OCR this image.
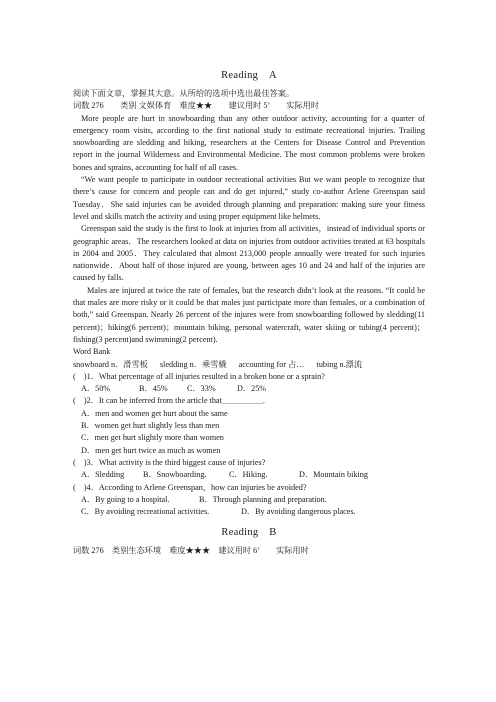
Reading　A
阅读下面文章，掌握其大意。从所给的选项中选出最佳答案。
词数 276　　类别 文娱体育　难度★★　　建议用时 5’　　实际用时
More people are hurt in snowboarding than any other outdoor activity, accounting for a quarter of emergency room visits, according to the first national study to estimate recreational injuries. Trailing snowboarding are sledding and hiking, researchers at the Centers for Disease Control and Prevention report in the journal Wilderness and Environmental Medicine. The most common problems were broken bones and sprains, accounting for half of all cases.
“We want people to participate in outdoor recreational activities But we want people to recognize that there’s cause for concern and people can and do get injured,” study co-author Arlene Greenspan said Tuesday．She said injuries can be avoided through planning and preparation: making sure your fitness level and skills match the activity and using proper equipment like helmets.
Greenspan said the study is the first to look at injuries from all activities，instead of individual sports or geographic areas．The researchers looked at data on injuries from outdoor activities treated at 63 hospitals in 2004 and 2005．They calculated that almost 213,000 people annually were treated for such injuries nationwide．About half of those injured are young, between ages 10 and 24 and half of the injuries are caused by falls.
Males are injured at twice the rate of females, but the research didn’t look at the reasons. “It could be that males are more risky or it could be that males just participate more than females, or a combination of both,” said Greenspan. Nearly 26 percent of the injures were from snowboarding followed by sledding(11 percent)；hiking(6 percent)；mountain biking, personal watercraft, water skiing or tubing(4 percent)；fishing(3 percent)and swimming(2 percent).
Word Bank
snowboard n．滑雪板 sledding n．乘雪橇 accounting for 占… tubing n.漂流
(　)1．What percentage of all injuries resulted in a broken bone or a sprain?
A．50%	B．45% C．33%	D．25%
(　)2．It can be inferred from the article that＿＿＿＿＿.
A．men and women get hurt about the same
B．women get hurt slightly less than men
C．men get hurt slightly more than women
D．men get hurt twice as much as women
(　)3．What activity is the third biggest cause of injuries?
A．Sledding B．Snowboarding． C．Hiking．	D．Mountain biking
(　)4．According to Arlene Greenspan，how can injuries be avoided?
A．By going to a hospital.	B．Through planning and preparation.
C．By avoiding recreational activities.	D．By avoiding dangerous places.
Reading　B
词数 276　类别生态环境　难度★★★　建议用时 6’　　实际用时
